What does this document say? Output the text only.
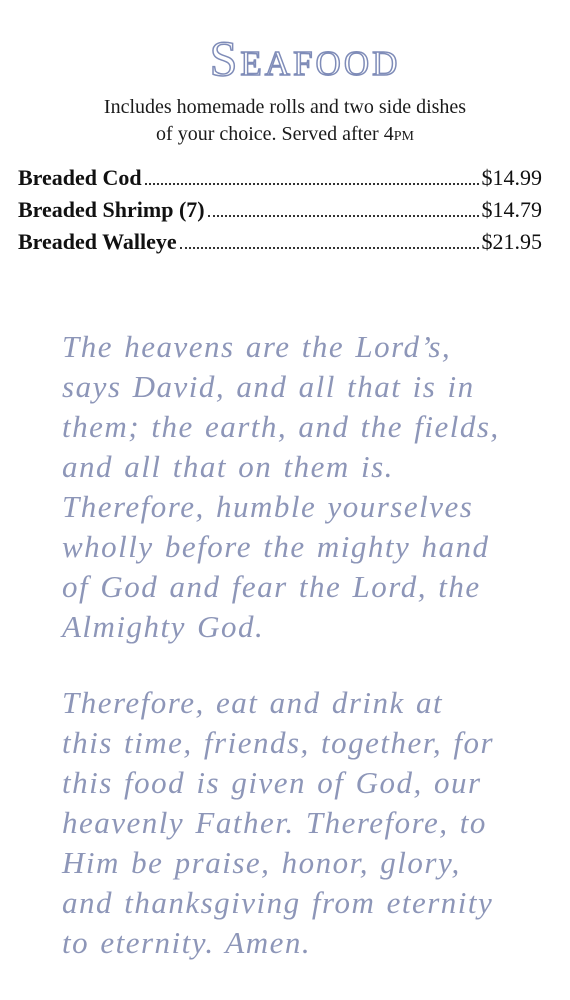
Seafood
Includes homemade rolls and two side dishes
of your choice. Served after 4pm
Breaded Cod	$14.99
Breaded Shrimp (7)	$14.79
Breaded Walleye	$21.95
The heavens are the Lord’s,
says David, and all that is in
them; the earth, and the fields,
and all that on them is.
Therefore, humble yourselves
wholly before the mighty hand
of God and fear the Lord, the
Almighty God.
Therefore, eat and drink at
this time, friends, together, for
this food is given of God, our
heavenly Father. Therefore, to
Him be praise, honor, glory,
and thanksgiving from eternity
to eternity. Amen.
